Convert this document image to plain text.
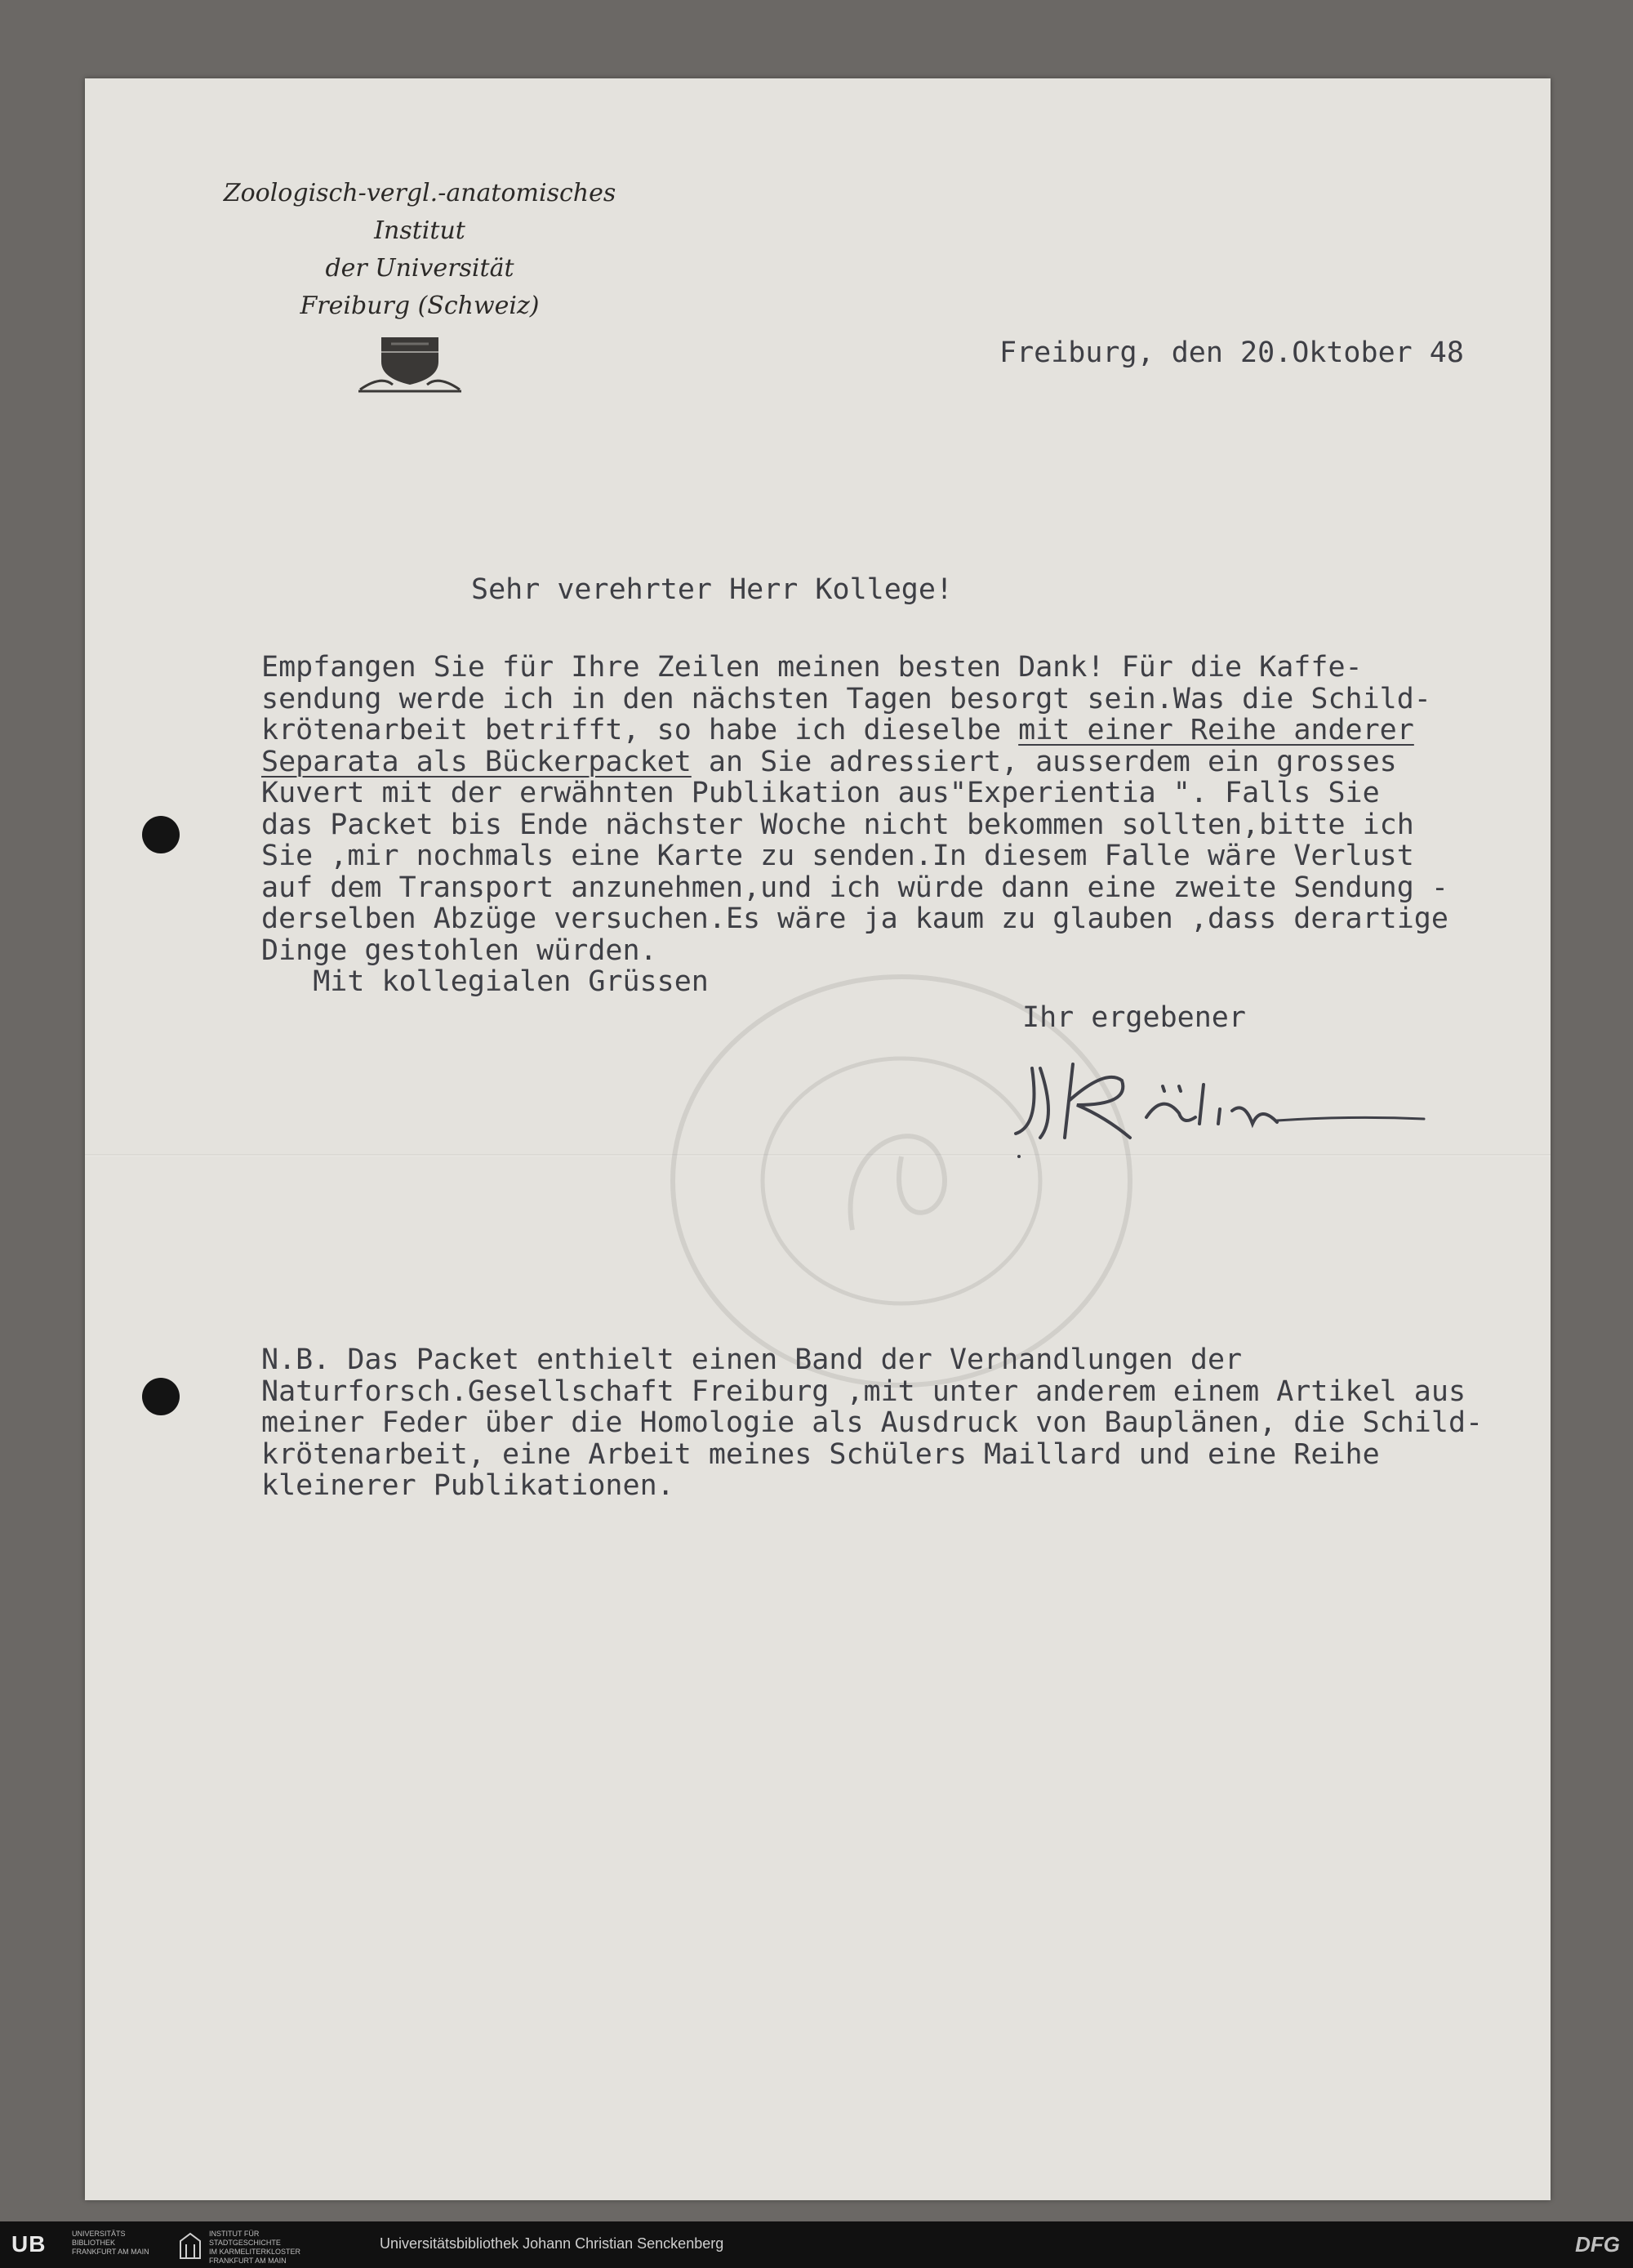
Zoologisch-vergl.-anatomisches Institut
der Universität
Freiburg (Schweiz)
Freiburg, den 20.Oktober 48
Sehr verehrter Herr Kollege!
Empfangen Sie für Ihre Zeilen meinen besten Dank! Für die Kaffe-
sendung werde ich in den nächsten Tagen besorgt sein.Was die Schild-
krötenarbeit betrifft, so habe ich dieselbe mit einer Reihe anderer
Separata als Bückerpacket an Sie adressiert, ausserdem ein grosses
Kuvert mit der erwähnten Publikation aus"Experientia ". Falls Sie
das Packet bis Ende nächster Woche nicht bekommen sollten,bitte ich
Sie ,mir nochmals eine Karte zu senden.In diesem Falle wäre Verlust
auf dem Transport anzunehmen,und ich würde dann eine zweite Sendung -
derselben Abzüge versuchen.Es wäre ja kaum zu glauben ,dass derartige
Dinge gestohlen würden.
Mit kollegialen Grüssen
Ihr ergebener
N.B. Das Packet enthielt einen Band der Verhandlungen der
Naturforsch.Gesellschaft Freiburg ,mit unter anderem einem Artikel aus
meiner Feder über die Homologie als Ausdruck von Bauplänen, die Schild-
krötenarbeit, eine Arbeit meines Schülers Maillard und eine Reihe
kleinerer Publikationen.
UB	UNIVERSITÄTS
BIBLIOTHEK
FRANKFURT AM MAIN
INSTITUT FÜR
STADTGESCHICHTE
IM KARMELITERKLOSTER
FRANKFURT AM MAIN
Universitätsbibliothek Johann Christian Senckenberg	DFG
